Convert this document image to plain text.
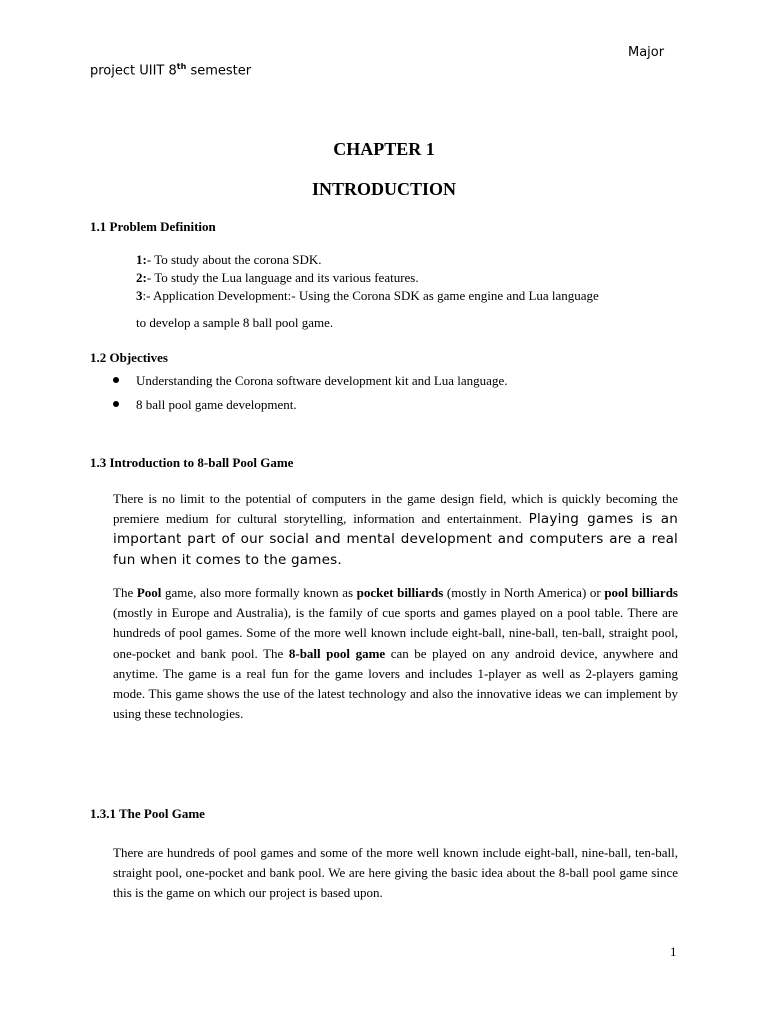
Major
project UIIT 8th semester
CHAPTER 1
INTRODUCTION
1.1 Problem Definition
1:- To study about the corona SDK.
2:- To study the Lua language and its various features.
3:- Application Development:- Using the Corona SDK as game engine and Lua language
to develop a sample 8 ball pool game.
1.2 Objectives
Understanding the Corona software development kit and Lua language.
8 ball pool game development.
1.3 Introduction to 8-ball Pool Game
There is no limit to the potential of computers in the game design field, which is quickly becoming the premiere medium for cultural storytelling, information and entertainment. Playing games is an important part of our social and mental development and computers are a real fun when it comes to the games.
The Pool game, also more formally known as pocket billiards (mostly in North America) or pool billiards (mostly in Europe and Australia), is the family of cue sports and games played on a pool table. There are hundreds of pool games. Some of the more well known include eight-ball, nine-ball, ten-ball, straight pool, one-pocket and bank pool. The 8-ball pool game can be played on any android device, anywhere and anytime. The game is a real fun for the game lovers and includes 1-player as well as 2-players gaming mode. This game shows the use of the latest technology and also the innovative ideas we can implement by using these technologies.
1.3.1 The Pool Game
There are hundreds of pool games and some of the more well known include eight-ball, nine-ball, ten-ball, straight pool, one-pocket and bank pool. We are here giving the basic idea about the 8-ball pool game since this is the game on which our project is based upon.
1
